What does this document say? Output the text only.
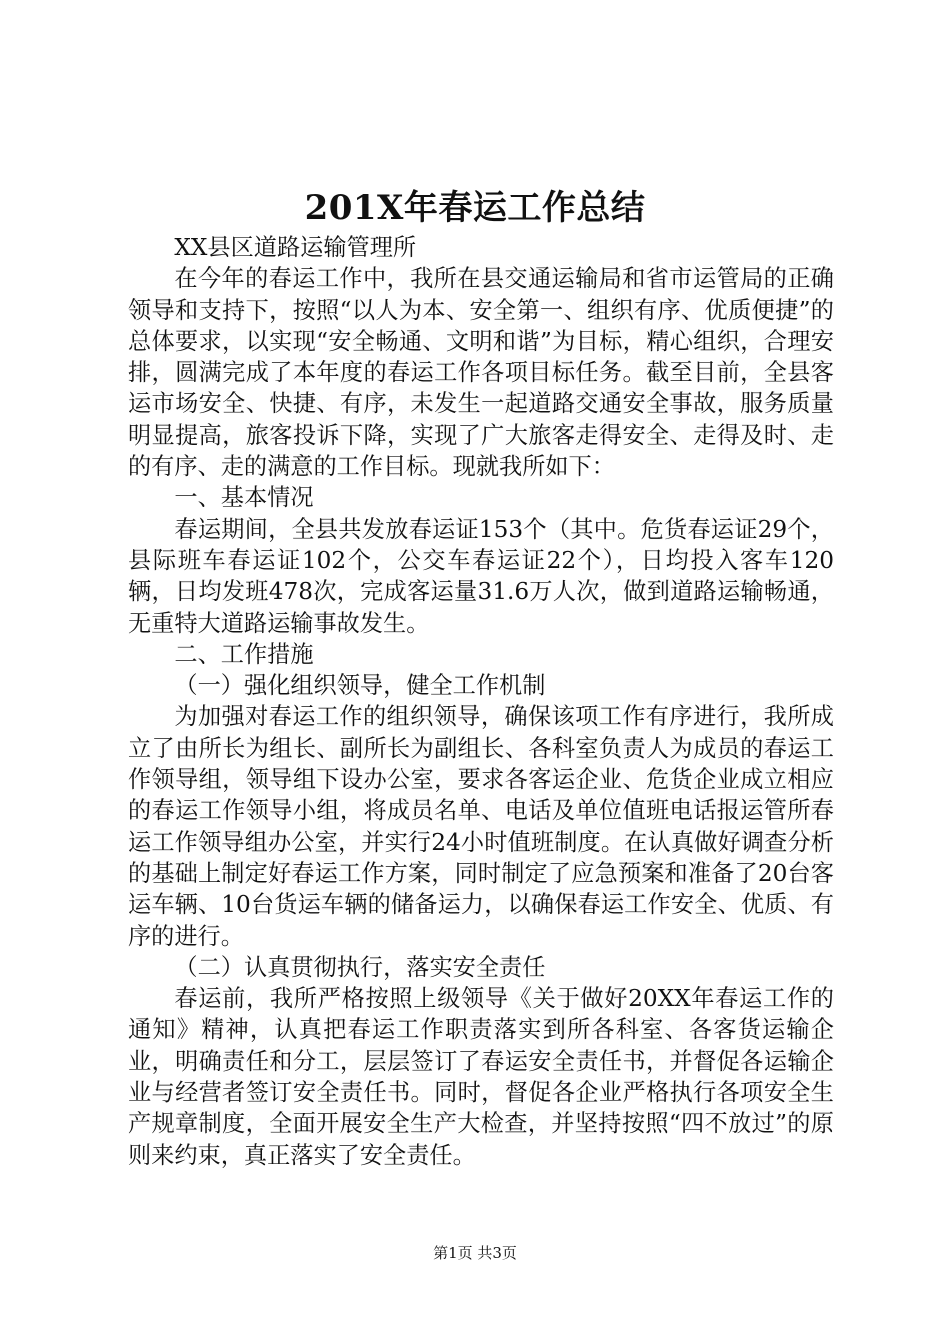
201X年春运工作总结

XX县区道路运输管理所

在今年的春运工作中，我所在县交通运输局和省市运管局的正确领导和支持下，按照“以人为本、安全第一、组织有序、优质便捷”的总体要求，以实现“安全畅通、文明和谐”为目标，精心组织，合理安排，圆满完成了本年度的春运工作各项目标任务。截至目前，全县客运市场安全、快捷、有序，未发生一起道路交通安全事故，服务质量明显提高，旅客投诉下降，实现了广大旅客走得安全、走得及时、走的有序、走的满意的工作目标。现就我所如下：

一、基本情况

春运期间，全县共发放春运证153个（其中。危货春运证29个，县际班车春运证102个，公交车春运证22个），日均投入客车120辆，日均发班478次，完成客运量31.6万人次，做到道路运输畅通，无重特大道路运输事故发生。

二、工作措施

（一）强化组织领导，健全工作机制

为加强对春运工作的组织领导，确保该项工作有序进行，我所成立了由所长为组长、副所长为副组长、各科室负责人为成员的春运工作领导组，领导组下设办公室，要求各客运企业、危货企业成立相应的春运工作领导小组，将成员名单、电话及单位值班电话报运管所春运工作领导组办公室，并实行24小时值班制度。在认真做好调查分析的基础上制定好春运工作方案，同时制定了应急预案和准备了20台客运车辆、10台货运车辆的储备运力，以确保春运工作安全、优质、有序的进行。

（二）认真贯彻执行，落实安全责任

春运前，我所严格按照上级领导《关于做好20XX年春运工作的通知》精神，认真把春运工作职责落实到所各科室、各客货运输企业，明确责任和分工，层层签订了春运安全责任书，并督促各运输企业与经营者签订安全责任书。同时，督促各企业严格执行各项安全生产规章制度，全面开展安全生产大检查，并坚持按照“四不放过”的原则来约束，真正落实了安全责任。

第1页 共3页
